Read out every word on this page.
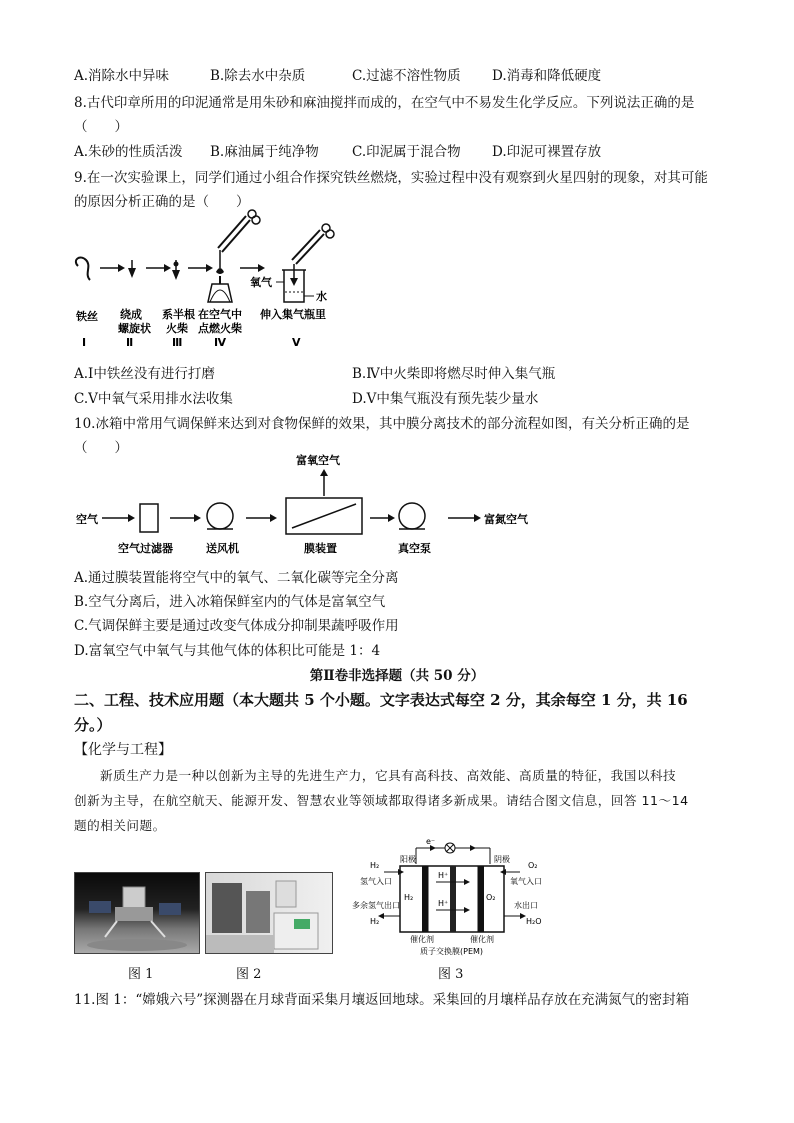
A.消除水中异味	B.除去水中杂质	C.过滤不溶性物质 D.消毒和降低硬度
8.古代印章所用的印泥通常是用朱砂和麻油搅拌而成的，在空气中不易发生化学反应。下列说法正确的是
（　　）
A.朱砂的性质活泼 B.麻油属于纯净物 C.印泥属于混合物 D.印泥可裸置存放
9.在一次实验课上，同学们通过小组合作探究铁丝燃烧，实验过程中没有观察到火星四射的现象，对其可能
的原因分析正确的是（　　）
氧气
水
铁丝
Ⅰ
绕成
螺旋状
Ⅱ
系半根
火柴
Ⅲ
在空气中
点燃火柴
Ⅳ
伸入集气瓶里
Ⅴ
A.Ⅰ中铁丝没有进行打磨	B.Ⅳ中火柴即将燃尽时伸入集气瓶
C.Ⅴ中氧气采用排水法收集	D.Ⅴ中集气瓶没有预先装少量水
10.冰箱中常用气调保鲜来达到对食物保鲜的效果，其中膜分离技术的部分流程如图，有关分析正确的是
（　　）
空气
富氧空气
富氮空气
空气过滤器	送风机	膜装置	真空泵
A.通过膜装置能将空气中的氧气、二氧化碳等完全分离
B.空气分离后，进入冰箱保鲜室内的气体是富氧空气
C.气调保鲜主要是通过改变气体成分抑制果蔬呼吸作用
D.富氧空气中氧气与其他气体的体积比可能是 1：4
第Ⅱ卷非选择题（共 50 分）
二、工程、技术应用题（本大题共 5 个小题。文字表达式每空 2 分，其余每空 1 分，共 16
分。）
【化学与工程】
新质生产力是一种以创新为主导的先进生产力，它具有高科技、高效能、高质量的特征，我国以科技
创新为主导，在航空航天、能源开发、智慧农业等领域都取得诸多新成果。请结合图文信息，回答 11～14
题的相关问题。
e⁻
阳极	阴极
H₂
氢气入口
多余氢气出口
H₂
H₂
H⁺
H⁺
O₂
O₂
氧气入口
水出口
H₂O
催化剂	催化剂
质子交换膜(PEM)
图 1	图 2	图 3
11.图 1：“嫦娥六号”探测器在月球背面采集月壤返回地球。采集回的月壤样品存放在充满氮气的密封箱
